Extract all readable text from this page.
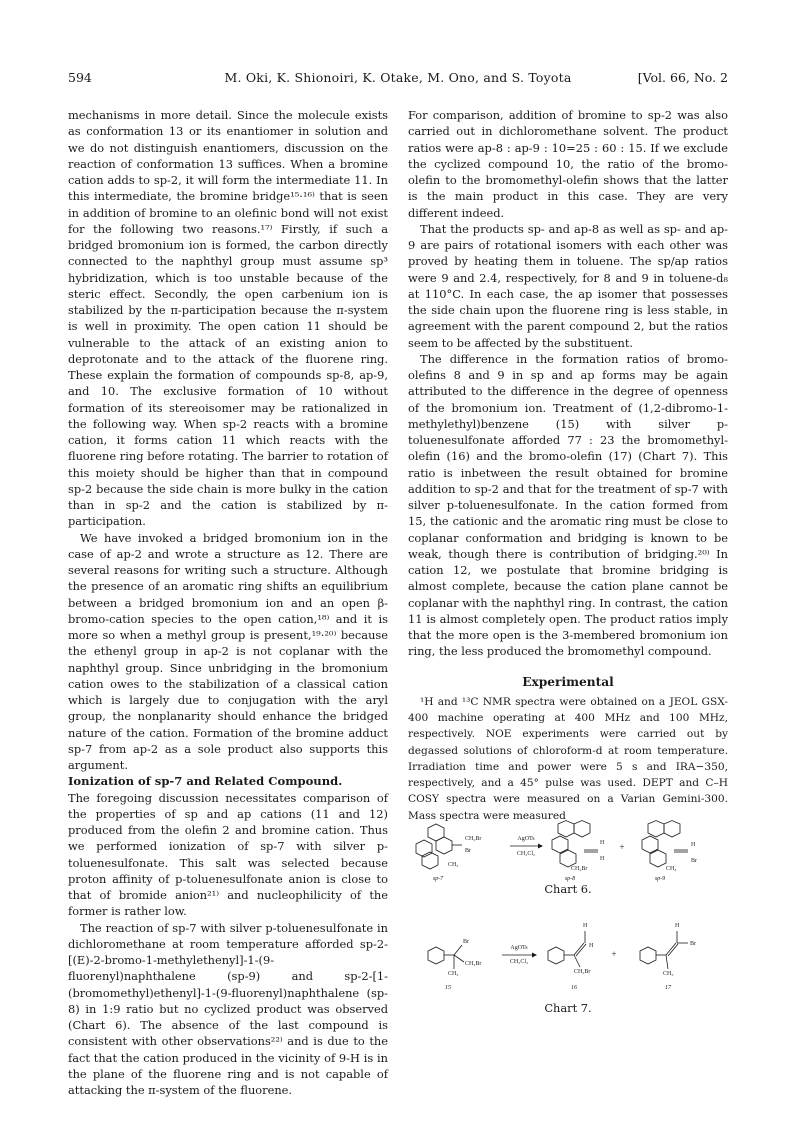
594	M. Oki, K. Shionoiri, K. Otake, M. Ono, and S. Toyota	[Vol. 66, No. 2

mechanisms in more detail. Since the molecule exists as conformation 13 or its enantiomer in solution and we do not distinguish enantiomers, discussion on the reaction of conformation 13 suffices. When a bromine cation adds to sp-2, it will form the intermediate 11. In this intermediate, the bromine bridge¹⁵·¹⁶⁾ that is seen in addition of bromine to an olefinic bond will not exist for the following two reasons.¹⁷⁾ Firstly, if such a bridged bromonium ion is formed, the carbon directly connected to the naphthyl group must assume sp³ hybridization, which is too unstable because of the steric effect. Secondly, the open carbenium ion is stabilized by the π-participation because the π-system is well in proximity. The open cation 11 should be vulnerable to the attack of an existing anion to deprotonate and to the attack of the fluorene ring. These explain the formation of compounds sp-8, ap-9, and 10. The exclusive formation of 10 without formation of its stereoisomer may be rationalized in the following way. When sp-2 reacts with a bromine cation, it forms cation 11 which reacts with the fluorene ring before rotating. The barrier to rotation of this moiety should be higher than that in compound sp-2 because the side chain is more bulky in the cation than in sp-2 and the cation is stabilized by π-participation.

We have invoked a bridged bromonium ion in the case of ap-2 and wrote a structure as 12. There are several reasons for writing such a structure. Although the presence of an aromatic ring shifts an equilibrium between a bridged bromonium ion and an open β-bromo-cation species to the open cation,¹⁸⁾ and it is more so when a methyl group is present,¹⁹·²⁰⁾ because the ethenyl group in ap-2 is not coplanar with the naphthyl group. Since unbridging in the bromonium cation owes to the stabilization of a classical cation which is largely due to conjugation with the aryl group, the nonplanarity should enhance the bridged nature of the cation. Formation of the bromine adduct sp-7 from ap-2 as a sole product also supports this argument.

Ionization of sp-7 and Related Compound.

The foregoing discussion necessitates comparison of the properties of sp and ap cations (11 and 12) produced from the olefin 2 and bromine cation. Thus we performed ionization of sp-7 with silver p-toluenesulfonate. This salt was selected because proton affinity of p-toluenesulfonate anion is close to that of bromide anion²¹⁾ and nucleophilicity of the former is rather low.

The reaction of sp-7 with silver p-toluenesulfonate in dichloromethane at room temperature afforded sp-2-[(E)-2-bromo-1-methylethenyl]-1-(9-fluorenyl)naphthalene (sp-9) and sp-2-[1-(bromomethyl)ethenyl]-1-(9-fluorenyl)naphthalene (sp-8) in 1:9 ratio but no cyclized product was observed (Chart 6). The absence of the last compound is consistent with other observations²²⁾ and is due to the fact that the cation produced in the vicinity of 9-H is in the plane of the fluorene ring and is not capable of attacking the π-system of the fluorene.

For comparison, addition of bromine to sp-2 was also carried out in dichloromethane solvent. The product ratios were ap-8 : ap-9 : 10=25 : 60 : 15. If we exclude the cyclized compound 10, the ratio of the bromo-olefin to the bromomethyl-olefin shows that the latter is the main product in this case. They are very different indeed.

That the products sp- and ap-8 as well as sp- and ap-9 are pairs of rotational isomers with each other was proved by heating them in toluene. The sp/ap ratios were 9 and 2.4, respectively, for 8 and 9 in toluene-d₈ at 110°C. In each case, the ap isomer that possesses the side chain upon the fluorene ring is less stable, in agreement with the parent compound 2, but the ratios seem to be affected by the substituent.

The difference in the formation ratios of bromo-olefins 8 and 9 in sp and ap forms may be again attributed to the difference in the degree of openness of the bromonium ion. Treatment of (1,2-dibromo-1-methylethyl)benzene (15) with silver p-toluenesulfonate afforded 77 : 23 the bromomethyl-olefin (16) and the bromo-olefin (17) (Chart 7). This ratio is inbetween the result obtained for bromine addition to sp-2 and that for the treatment of sp-7 with silver p-toluenesulfonate. In the cation formed from 15, the cationic and the aromatic ring must be close to coplanar conformation and bridging is known to be weak, though there is contribution of bridging.²⁰⁾ In cation 12, we postulate that bromine bridging is almost complete, because the cation plane cannot be coplanar with the naphthyl ring. In contrast, the cation 11 is almost completely open. The product ratios imply that the more open is the 3-membered bromonium ion ring, the less produced the bromomethyl compound.

Experimental

¹H and ¹³C NMR spectra were obtained on a JEOL GSX-400 machine operating at 400 MHz and 100 MHz, respectively. NOE experiments were carried out by degassed solutions of chloroform-d at room temperature. Irradiation time and power were 5 s and IRA−350, respectively, and a 45° pulse was used. DEPT and C–H COSY spectra were measured on a Varian Gemini-300. Mass spectra were measured

CH₂Br
Br
CH₃
sp-7
AgOTs
CH₂Cl₂
H
H
CH₂Br
sp-8
+	H
Br
CH₃
sp-9
Chart 6.
Br
CH₂Br
CH₃
15
AgOTs
CH₂Cl₂
H
H
CH₂Br
16
+
H
Br
CH₃
17
Chart 7.
